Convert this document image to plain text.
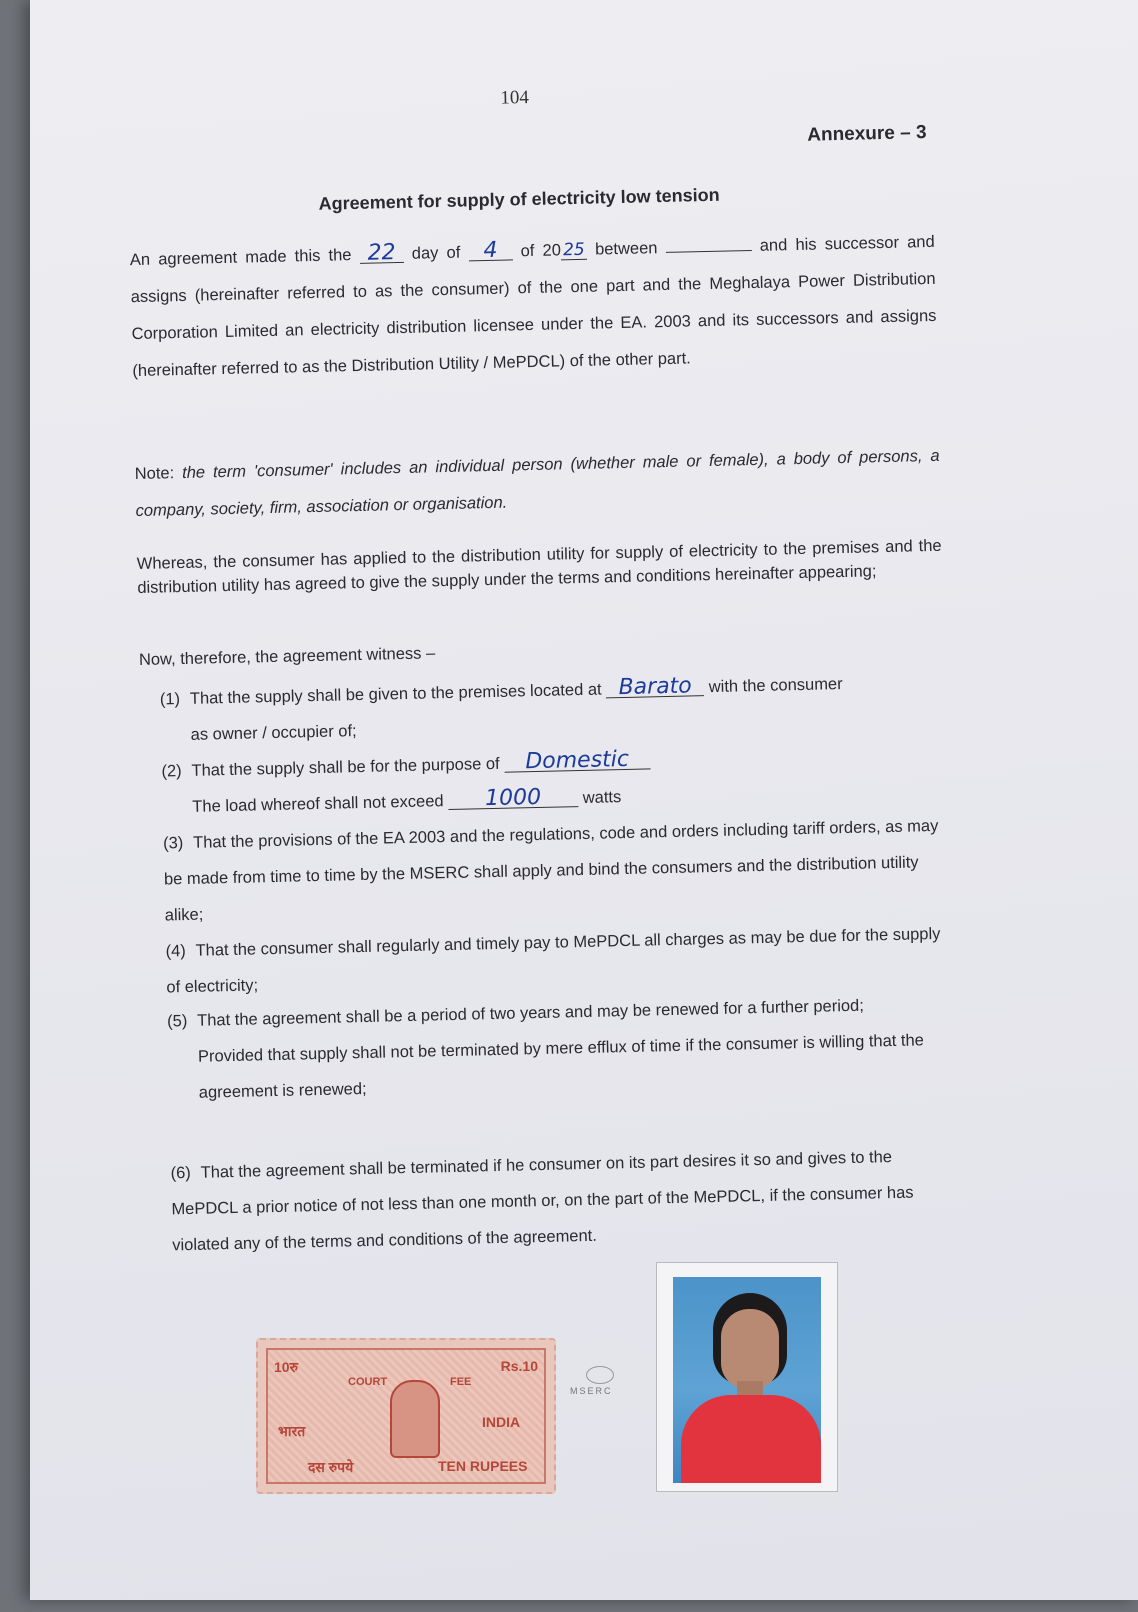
104
Annexure – 3
Agreement for supply of electricity low tension
An agreement made this the 22 day of 4 of 20 25 between	and his successor and assigns (hereinafter referred to as the consumer) of the one part and the Meghalaya Power Distribution Corporation Limited an electricity distribution licensee under the EA. 2003 and its successors and assigns (hereinafter referred to as the Distribution Utility / MePDCL) of the other part.
Note: the term 'consumer' includes an individual person (whether male or female), a body of persons, a company, society, firm, association or organisation.
Whereas, the consumer has applied to the distribution utility for supply of electricity to the premises and the distribution utility has agreed to give the supply under the terms and conditions hereinafter appearing;
Now, therefore, the agreement witness –
(1) That the supply shall be given to the premises located at Barato with the consumer
as owner / occupier of;
(2) That the supply shall be for the purpose of Domestic
The load whereof shall not exceed 1000 watts
(3) That the provisions of the EA 2003 and the regulations, code and orders including tariff orders, as may be made from time to time by the MSERC shall apply and bind the consumers and the distribution utility alike;
(4) That the consumer shall regularly and timely pay to MePDCL all charges as may be due for the supply of electricity;
(5) That the agreement shall be a period of two years and may be renewed for a further period;
Provided that supply shall not be terminated by mere efflux of time if the consumer is willing that the agreement is renewed;
(6) That the agreement shall be terminated if he consumer on its part desires it so and gives to the MePDCL a prior notice of not less than one month or, on the part of the MePDCL, if the consumer has violated any of the terms and conditions of the agreement.
10रु	Rs.10
COURT	FEE
भारत
INDIA
दस रुपये	TEN RUPEES
MSERC
